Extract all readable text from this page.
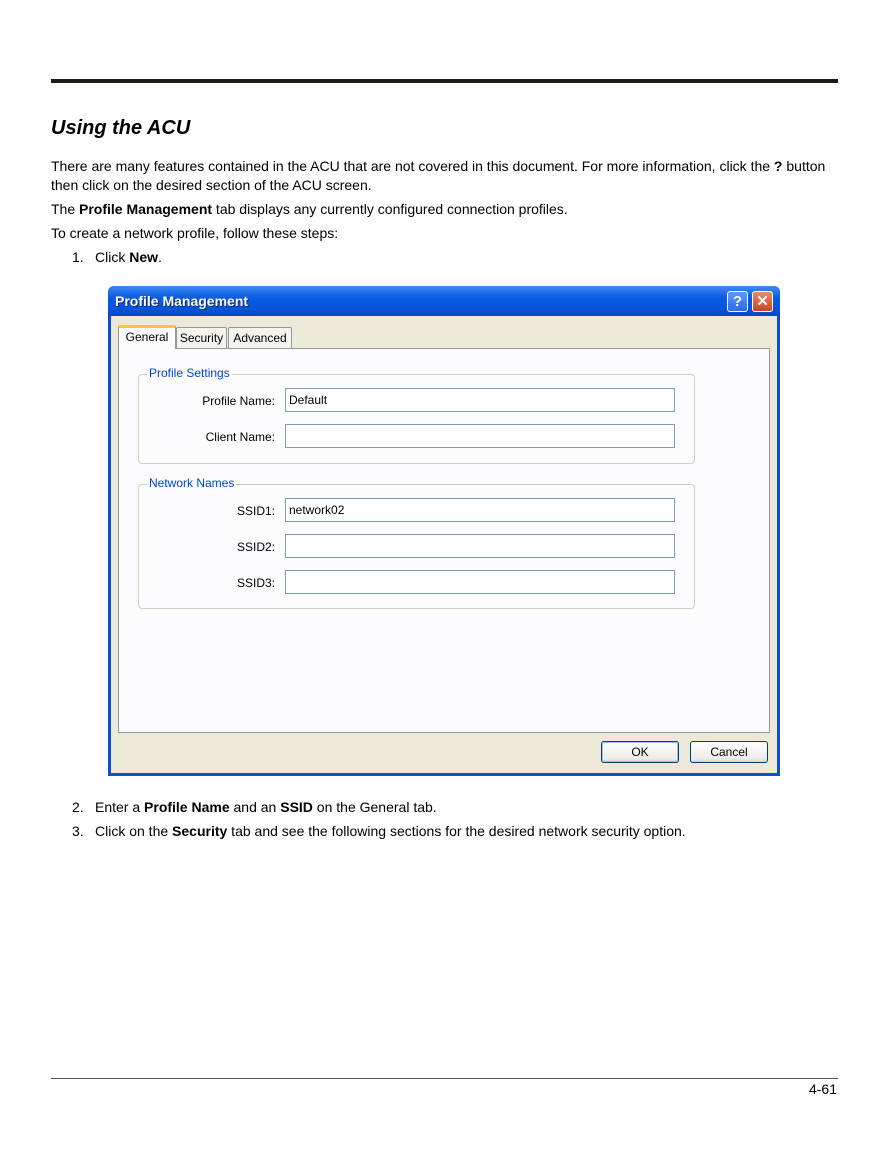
Using the ACU

There are many features contained in the ACU that are not covered in this document. For more information, click the ? button then click on the desired section of the ACU screen.

The Profile Management tab displays any currently configured connection profiles.

To create a network profile, follow these steps:

1. Click New.
Profile Management	? ✕
General Security Advanced
Profile Settings
Profile Name:
Default
Client Name:
Network Names
SSID1:
network02
SSID2:
SSID3:
OK	Cancel
2. Enter a Profile Name and an SSID on the General tab.
3. Click on the Security tab and see the following sections for the desired network security option.
4-61
